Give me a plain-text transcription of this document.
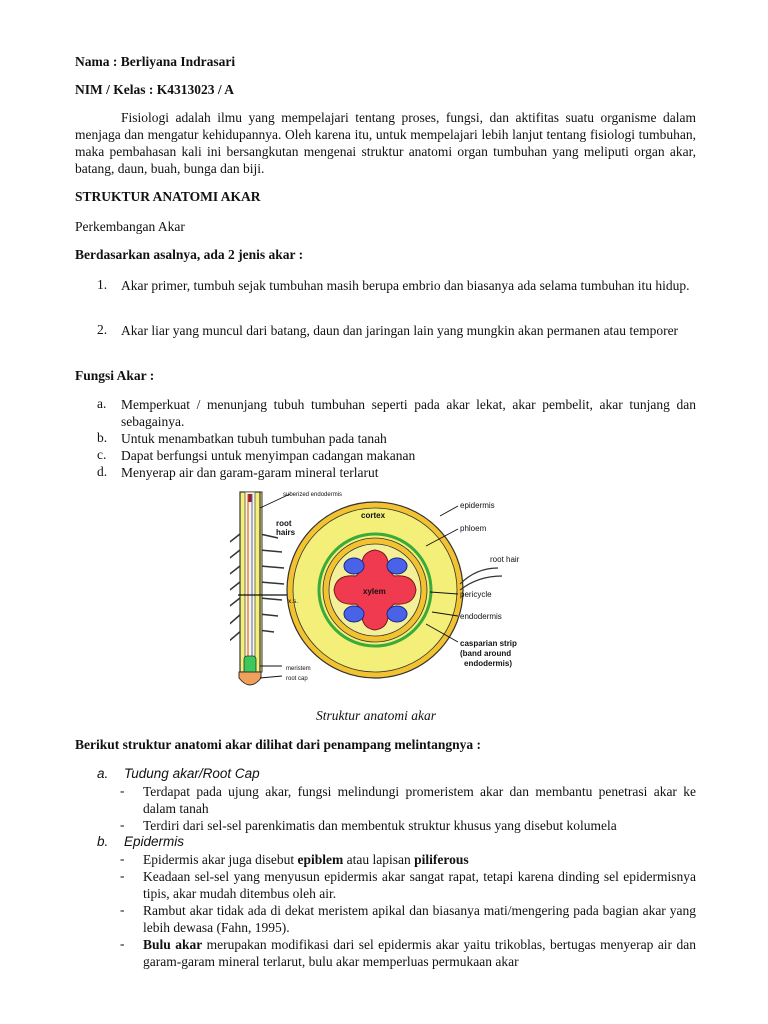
Nama : Berliyana Indrasari
NIM / Kelas : K4313023 / A
Fisiologi adalah ilmu yang mempelajari tentang proses, fungsi, dan aktifitas suatu organisme dalam menjaga dan mengatur kehidupannya. Oleh karena itu, untuk mempelajari lebih lanjut tentang fisiologi tumbuhan, maka pembahasan kali ini bersangkutan mengenai struktur anatomi organ tumbuhan yang meliputi organ akar, batang, daun, buah, bunga dan biji.
STRUKTUR ANATOMI AKAR
Perkembangan Akar
Berdasarkan asalnya, ada 2 jenis akar :
1.	Akar primer, tumbuh sejak tumbuhan masih berupa embrio dan biasanya ada selama tumbuhan itu hidup.
2.	Akar liar yang muncul dari batang, daun dan jaringan lain yang mungkin akan permanen atau temporer
Fungsi Akar :
a.	Memperkuat / menunjang tubuh tumbuhan seperti pada akar lekat, akar pembelit, akar tunjang dan sebagainya.
b.	Untuk menambatkan tubuh tumbuhan pada tanah
c.	Dapat berfungsi untuk menyimpan cadangan makanan
d.	Menyerap air dan garam-garam mineral terlarut
suberized endodermis
root
hairs
x.s.
meristem
root cap
cortex
xylem
epidermis
phloem
root hair
pericycle
endodermis
casparian strip
(band around
endodermis)
Struktur anatomi akar
Berikut struktur anatomi akar dilihat dari penampang melintangnya :
a. Tudung akar/Root Cap
-	Terdapat pada ujung akar, fungsi melindungi promeristem akar dan membantu penetrasi akar ke dalam tanah
-	Terdiri dari sel-sel parenkimatis dan membentuk struktur khusus yang disebut kolumela
b. Epidermis
-	Epidermis akar juga disebut epiblem atau lapisan piliferous
-	Keadaan sel-sel yang menyusun epidermis akar sangat rapat, tetapi karena dinding sel epidermisnya tipis, akar mudah ditembus oleh air.
-	Rambut akar tidak ada di dekat meristem apikal dan biasanya mati/mengering pada bagian akar yang lebih dewasa (Fahn, 1995).
-	Bulu akar merupakan modifikasi dari sel epidermis akar yaitu trikoblas, bertugas menyerap air dan garam-garam mineral terlarut, bulu akar memperluas permukaan akar
